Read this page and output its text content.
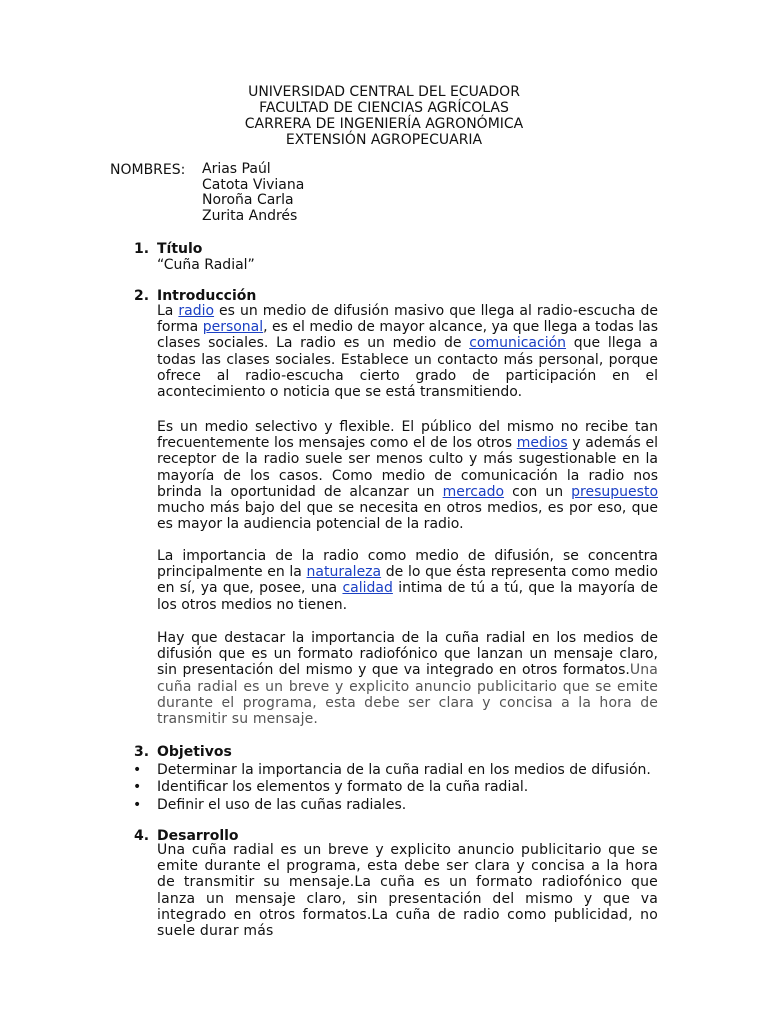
UNIVERSIDAD CENTRAL DEL ECUADOR
FACULTAD DE CIENCIAS AGRÍCOLAS
CARRERA DE INGENIERÍA AGRONÓMICA
EXTENSIÓN AGROPECUARIA
NOMBRES: Arias Paúl
Catota Viviana
Noroña Carla
Zurita Andrés
1. Título
“Cuña Radial”
2. Introducción

La radio es un medio de difusión masivo que llega al radio-escucha de forma personal, es el medio de mayor alcance, ya que llega a todas las clases sociales. La radio es un medio de comunicación que llega a todas las clases sociales. Establece un contacto más personal, porque ofrece al radio-escucha cierto grado de participación en el acontecimiento o noticia que se está transmitiendo.

Es un medio selectivo y flexible. El público del mismo no recibe tan frecuentemente los mensajes como el de los otros medios y además el receptor de la radio suele ser menos culto y más sugestionable en la mayoría de los casos. Como medio de comunicación la radio nos brinda la oportunidad de alcanzar un mercado con un presupuesto mucho más bajo del que se necesita en otros medios, es por eso, que es mayor la audiencia potencial de la radio.

La importancia de la radio como medio de difusión, se concentra principalmente en la naturaleza de lo que ésta representa como medio en sí, ya que, posee, una calidad intima de tú a tú, que la mayoría de los otros medios no tienen.

Hay que destacar la importancia de la cuña radial en los medios de difusión que es un formato radiofónico que lanzan un mensaje claro, sin presentación del mismo y que va integrado en otros formatos.Una cuña radial es un breve y explicito anuncio publicitario que se emite durante el programa, esta debe ser clara y concisa a la hora de transmitir su mensaje.

3. Objetivos
• Determinar la importancia de la cuña radial en los medios de difusión.
• Identificar los elementos y formato de la cuña radial.
• Definir el uso de las cuñas radiales.
4. Desarrollo

Una cuña radial es un breve y explicito anuncio publicitario que se emite durante el programa, esta debe ser clara y concisa a la hora de transmitir su mensaje.La cuña es un formato radiofónico que lanza un mensaje claro, sin presentación del mismo y que va integrado en otros formatos.La cuña de radio como publicidad, no suele durar más
